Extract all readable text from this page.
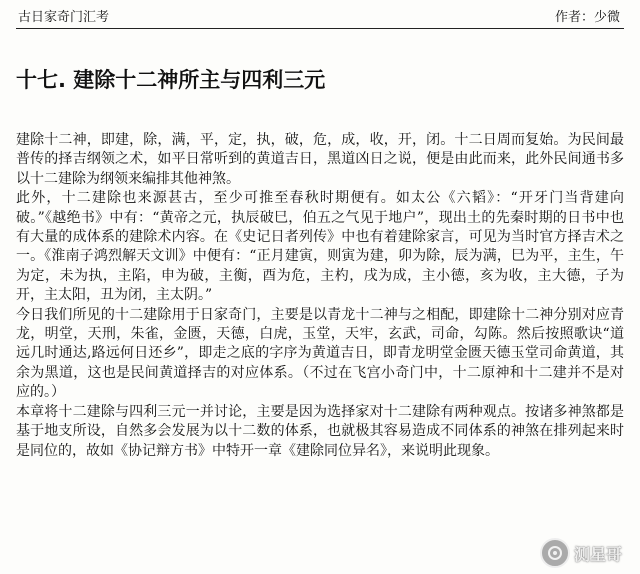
古日家奇门汇考	作者：少微
十七. 建除十二神所主与四利三元

建除十二神，即建，除，满，平，定，执，破，危，成，收，开，闭。十二日周而复始。为民间最普传的择吉纲领之术，如平日常听到的黄道吉日，黑道凶日之说，便是由此而来，此外民间通书多以十二建除为纲领来编排其他神煞。

此外，十二建除也来源甚古，至少可推至春秋时期便有。如太公《六韬》：“开牙门当背建向破。”《越绝书》中有：“黄帝之元，执辰破巳，伯五之气见于地户”，现出土的先秦时期的日书中也有大量的成体系的建除术内容。在《史记日者列传》中也有着建除家言，可见为当时官方择吉术之一。《淮南子鸿烈解天文训》中便有：“正月建寅，则寅为建，卯为除，辰为满，巳为平，主生，午为定，未为执，主陷，申为破，主衡，酉为危，主杓，戌为成，主小德，亥为收，主大德，子为开，主太阳，丑为闭，主太阴。”

今日我们所见的十二建除用于日家奇门，主要是以青龙十二神与之相配，即建除十二神分别对应青龙，明堂，天刑，朱雀，金匮，天德，白虎，玉堂，天牢，玄武，司命，勾陈。然后按照歌诀“道远几时通达,路远何日还乡”，即走之底的字序为黄道吉日，即青龙明堂金匮天德玉堂司命黄道，其余为黑道，这也是民间黄道择吉的对应体系。（不过在飞宫小奇门中，十二原神和十二建并不是对应的。）

本章将十二建除与四利三元一并讨论，主要是因为选择家对十二建除有两种观点。按诸多神煞都是基于地支所设，自然多会发展为以十二数的体系，也就极其容易造成不同体系的神煞在排列起来时是同位的，故如《协记辩方书》中特开一章《建除同位异名》，来说明此现象。

测星哥
